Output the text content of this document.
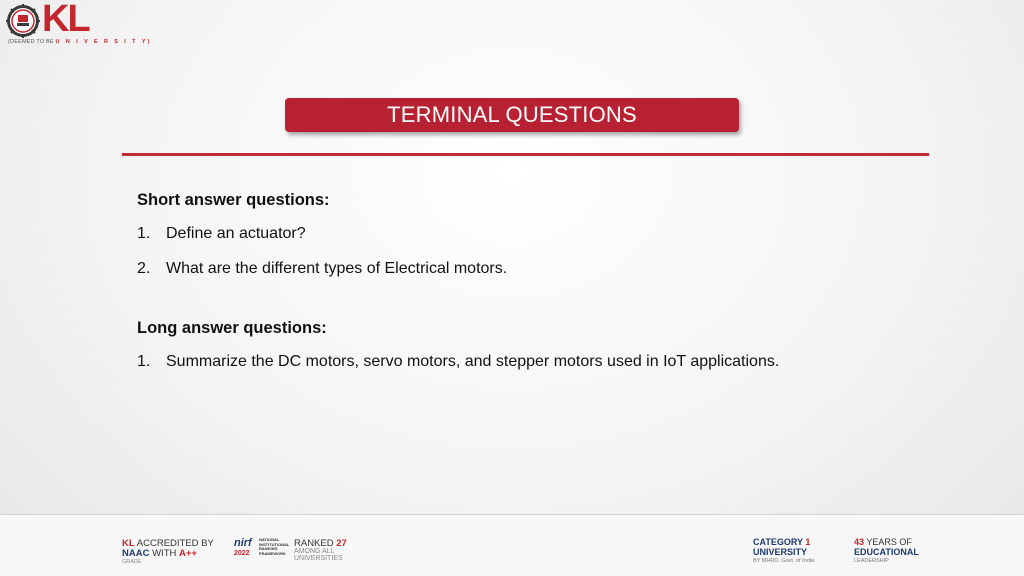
KL
(DEEMED TO BE U N I V E R S I T Y)
TERMINAL QUESTIONS
Short answer questions:
1. Define an actuator?
2. What are the different types of Electrical motors.
Long answer questions:
1. Summarize the DC motors, servo motors, and stepper motors used in IoT applications.
KL ACCREDITED BY
NAAC WITH A++
GRADE
nirf
2022
NATIONAL
INSTITUTIONAL
RANKING
FRAMEWORK
RANKED 27
AMONG ALL
UNIVERSITIES
CATEGORY 1
UNIVERSITY
BY MHRD, Govt. of India
43 YEARS OF
EDUCATIONAL
LEADERSHIP
